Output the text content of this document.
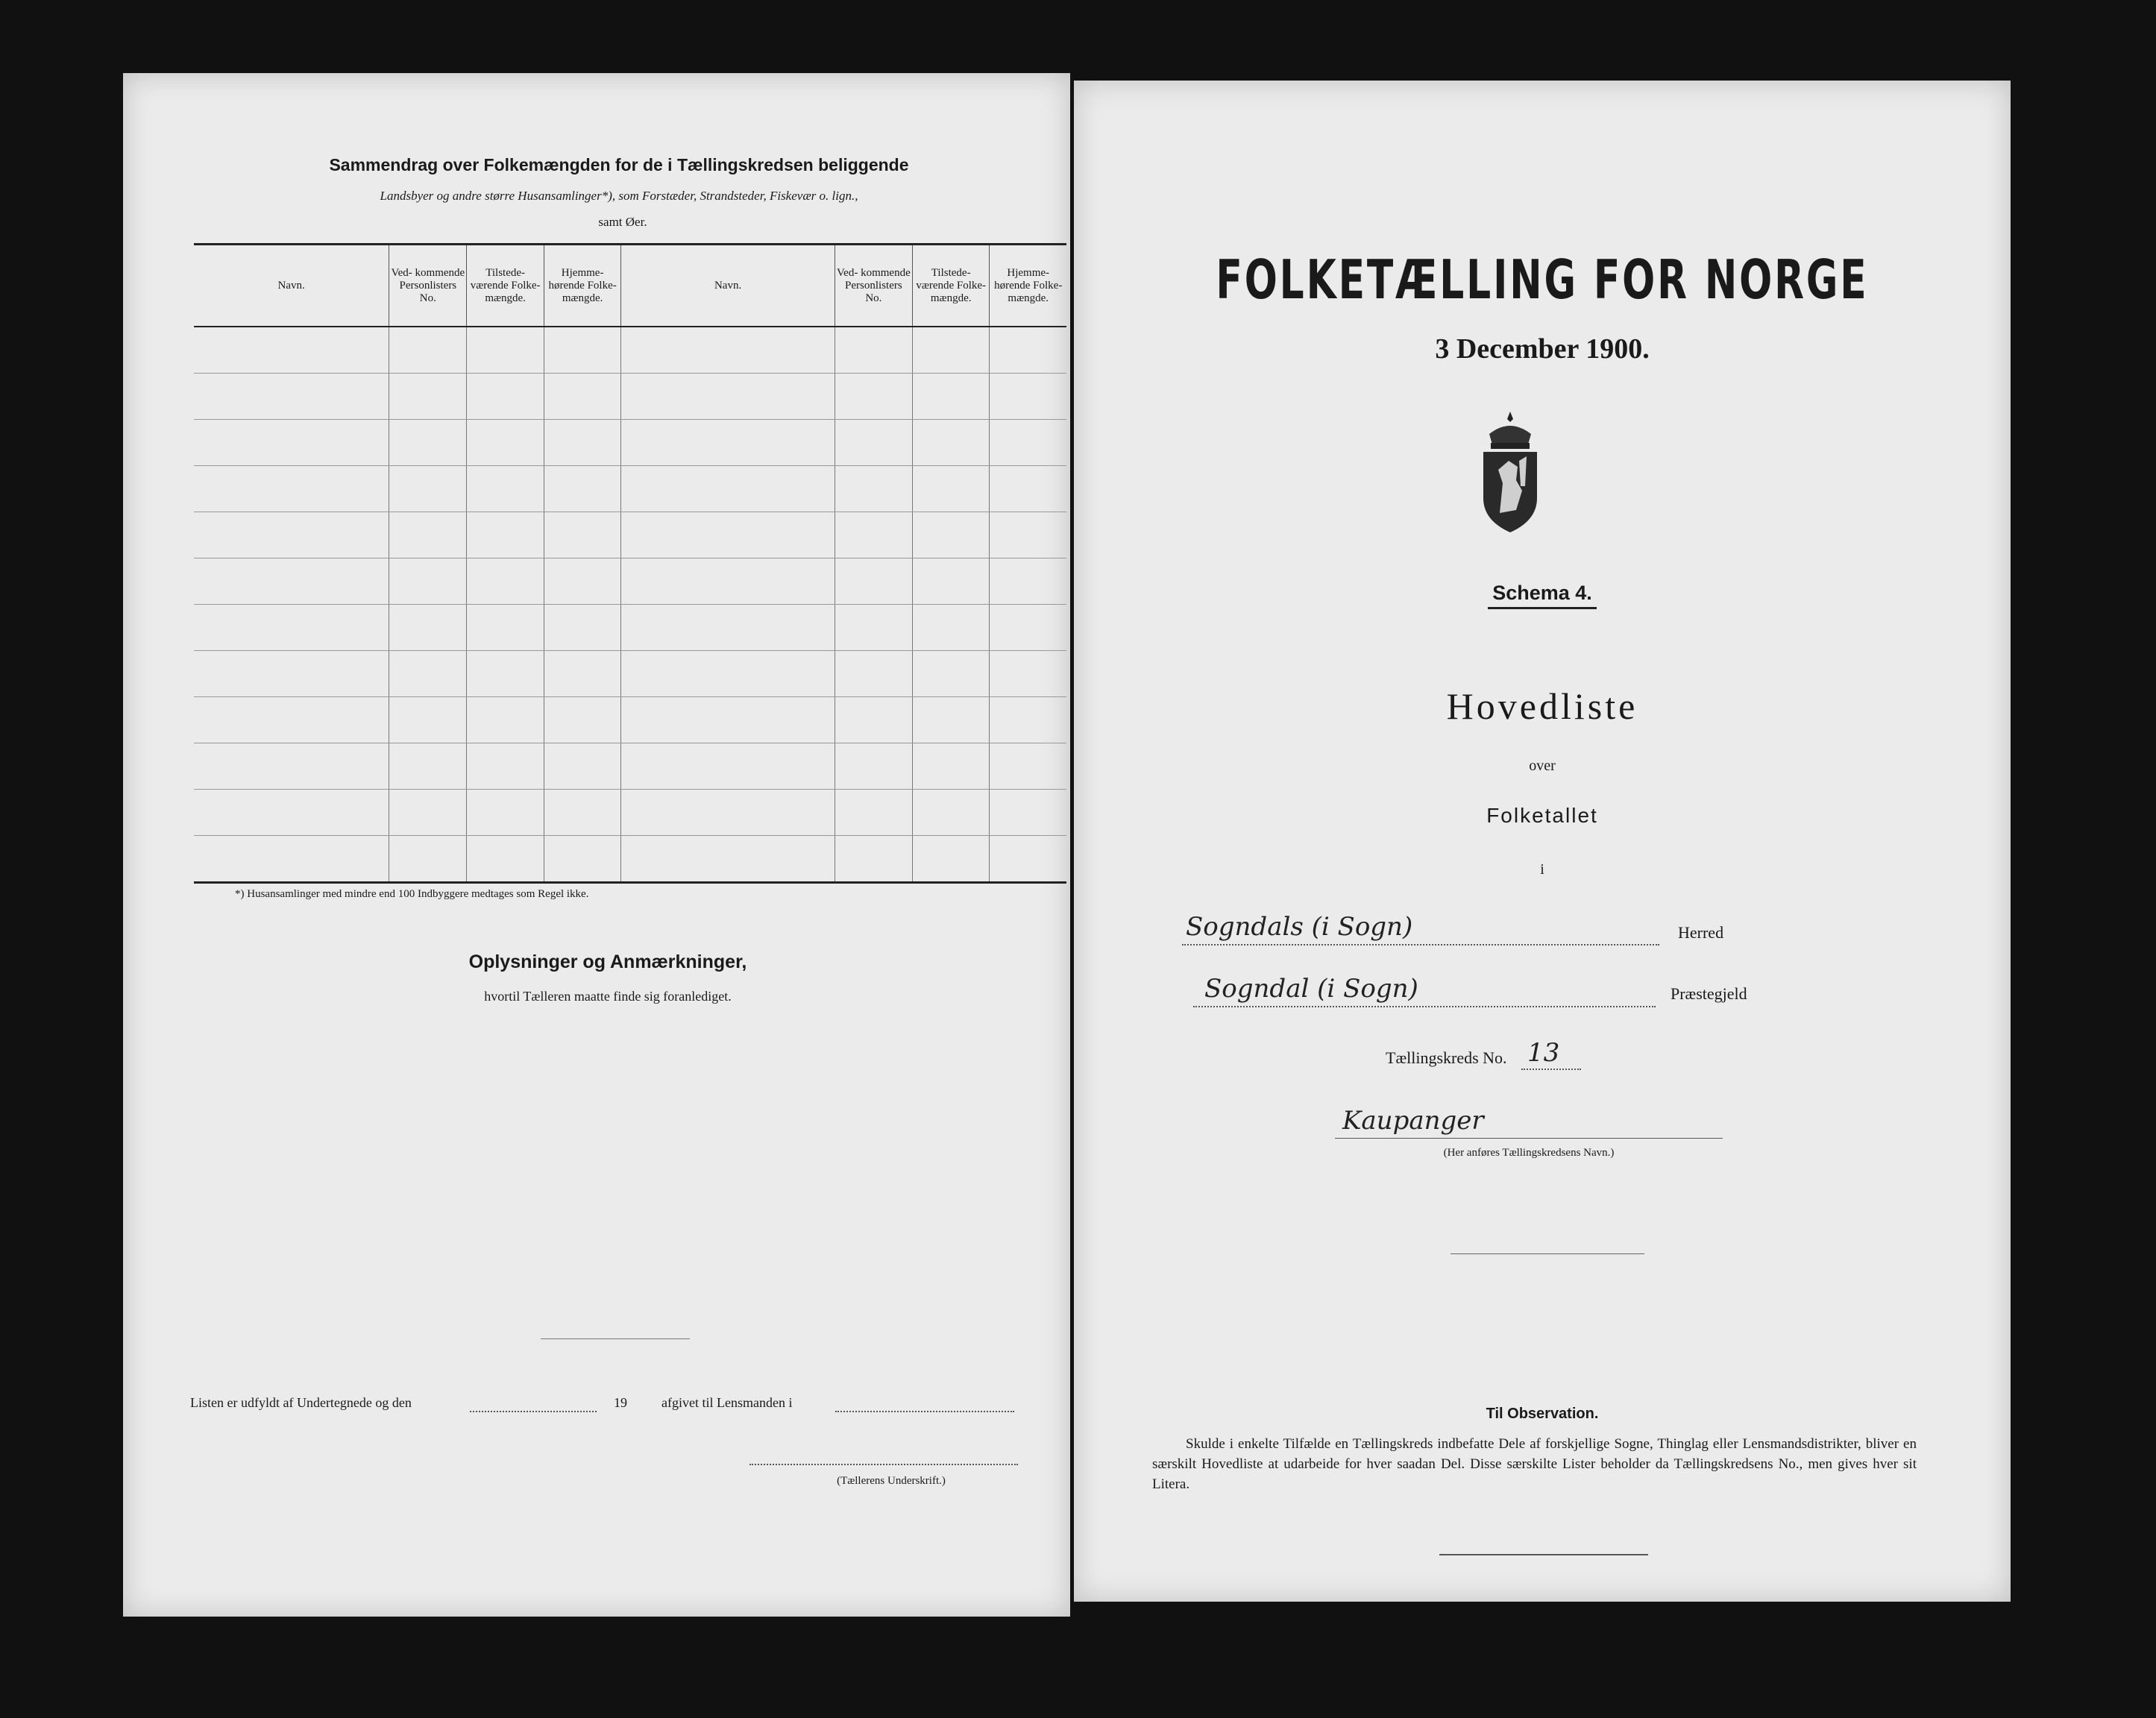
Sammendrag over Folkemængden for de i Tællingskredsen beliggende
Landsbyer og andre større Husansamlinger*), som Forstæder, Strandsteder, Fiskevær o. lign.,
samt Øer.
Navn.	Ved- kommende Personlisters No.	Tilstede- værende Folke- mængde.	Hjemme- hørende Folke- mængde.	Navn.	Ved- kommende Personlisters No.	Tilstede- værende Folke- mængde.	Hjemme- hørende Folke- mængde.

*) Husansamlinger med mindre end 100 Indbyggere medtages som Regel ikke.
Oplysninger og Anmærkninger,
hvortil Tælleren maatte finde sig foranlediget.
Listen er udfyldt af Undertegnede og den	19	afgivet til Lensmanden i
(Tællerens Underskrift.)
FOLKETÆLLING FOR NORGE
3 December 1900.
Schema 4.
Hovedliste
over
Folketallet
i
Sogndals (i Sogn)	Herred
Sogndal (i Sogn)	Præstegjeld
Tællingskreds No. 13
Kaupanger
(Her anføres Tællingskredsens Navn.)
Til Observation.
Skulde i enkelte Tilfælde en Tællingskreds indbefatte Dele af forskjellige Sogne, Thinglag eller Lensmandsdistrikter, bliver en særskilt Hovedliste at udarbeide for hver saadan Del. Disse særskilte Lister beholder da Tællingskredsens No., men gives hver sit Litera.
